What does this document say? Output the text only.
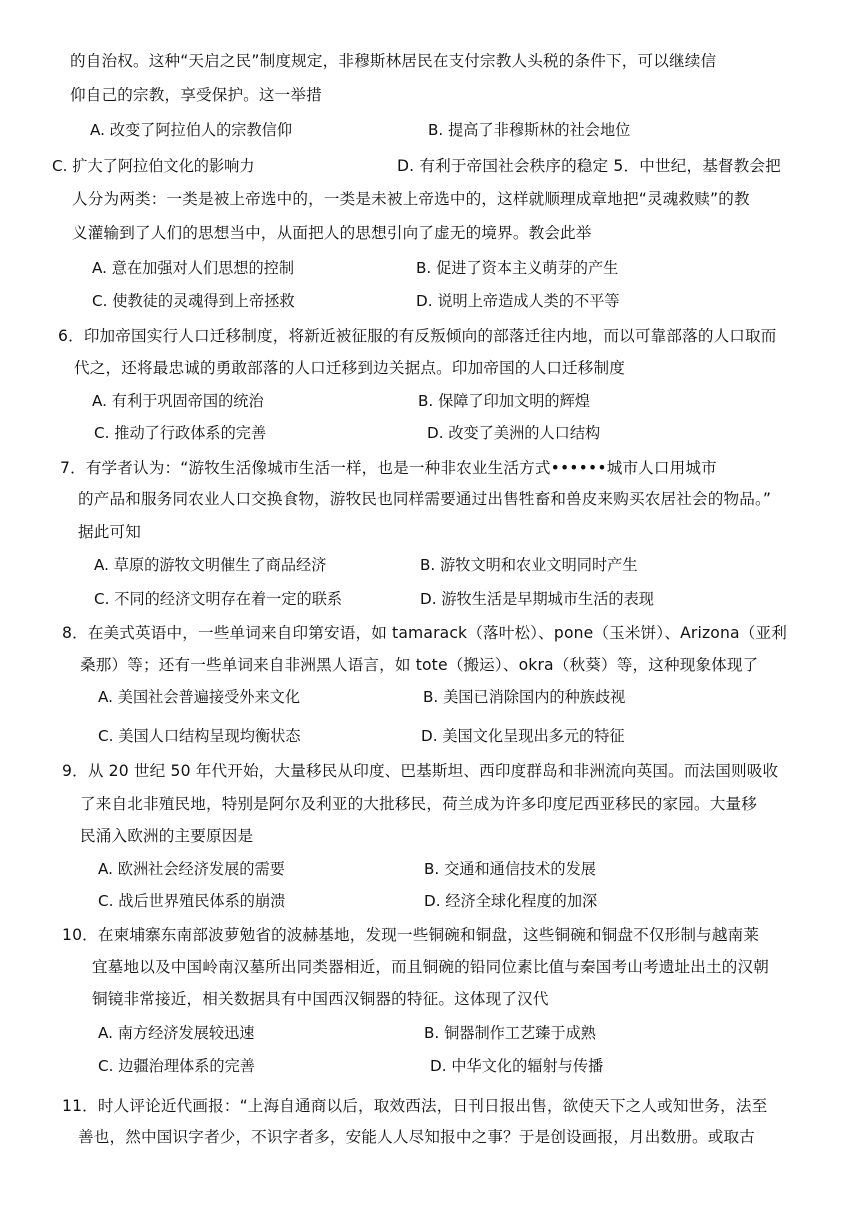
的自治权。这种“天启之民”制度规定，非穆斯林居民在支付宗教人头税的条件下，可以继续信
仰自己的宗教，享受保护。这一举措
A. 改变了阿拉伯人的宗教信仰	B. 提高了非穆斯林的社会地位
C. 扩大了阿拉伯文化的影响力	D. 有利于帝国社会秩序的稳定 5．中世纪，基督教会把
人分为两类：一类是被上帝选中的，一类是未被上帝选中的，这样就顺理成章地把“灵魂救赎”的教
义灌输到了人们的思想当中，从面把人的思想引向了虚无的境界。教会此举
A. 意在加强对人们思想的控制	B. 促进了资本主义萌芽的产生
C. 使教徒的灵魂得到上帝拯救	D. 说明上帝造成人类的不平等
6．印加帝国实行人口迁移制度，将新近被征服的有反叛倾向的部落迁往内地，而以可靠部落的人口取而
代之，还将最忠诚的勇敢部落的人口迁移到边关据点。印加帝国的人口迁移制度
A. 有利于巩固帝国的统治	B. 保障了印加文明的辉煌
C. 推动了行政体系的完善	D. 改变了美洲的人口结构
7．有学者认为：“游牧生活像城市生活一样，也是一种非农业生活方式••••••城市人口用城市
的产品和服务同农业人口交换食物，游牧民也同样需要通过出售牲畜和兽皮来购买农居社会的物品。”
据此可知
A. 草原的游牧文明催生了商品经济	B. 游牧文明和农业文明同时产生
C. 不同的经济文明存在着一定的联系	D. 游牧生活是早期城市生活的表现
8．在美式英语中，一些单词来自印第安语，如 tamarack（落叶松）、pone（玉米饼）、Arizona（亚利
桑那）等；还有一些单词来自非洲黑人语言，如 tote（搬运）、okra（秋葵）等，这种现象体现了
A. 美国社会普遍接受外来文化	B. 美国已消除国内的种族歧视
C. 美国人口结构呈现均衡状态	D. 美国文化呈现出多元的特征
9．从 20 世纪 50 年代开始，大量移民从印度、巴基斯坦、西印度群岛和非洲流向英国。而法国则吸收
了来自北非殖民地，特别是阿尔及利亚的大批移民，荷兰成为许多印度尼西亚移民的家园。大量移
民涌入欧洲的主要原因是
A. 欧洲社会经济发展的需要	B. 交通和通信技术的发展
C. 战后世界殖民体系的崩溃	D. 经济全球化程度的加深
10．在柬埔寨东南部波萝勉省的波赫基地，发现一些铜碗和铜盘，这些铜碗和铜盘不仅形制与越南莱
宜墓地以及中国岭南汉墓所出同类器相近，而且铜碗的铅同位素比值与秦国考山考遗址出土的汉朝
铜镜非常接近，相关数据具有中国西汉铜器的特征。这体现了汉代
A. 南方经济发展较迅速	B. 铜器制作工艺臻于成熟
C. 边疆治理体系的完善	D. 中华文化的辐射与传播
11．时人评论近代画报：“上海自通商以后，取效西法，日刊日报出售，欲使天下之人或知世务，法至
善也，然中国识字者少，不识字者多，安能人人尽知报中之事？于是创设画报，月出数册。或取古
